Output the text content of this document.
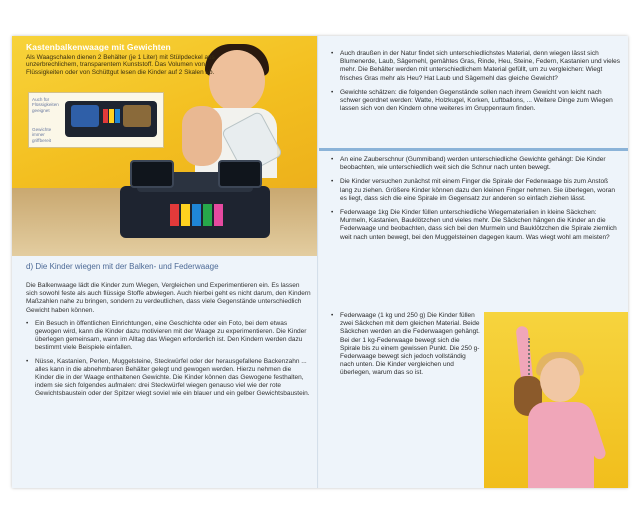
Kastenbalkenwaage mit Gewichten
Als Waagschalen dienen 2 Behälter (je 1 Liter) mit Stülpdeckel aus unzerbrechlichem, transparentem Kunststoff. Das Volumen von Flüssigkeiten oder von Schüttgut lesen die Kinder auf 2 Skalen ab.
Auch für Flüssigkeiten geeignet
Gewichte immer griffbereit
d) Die Kinder wiegen mit der Balken- und Federwaage

Die Balkenwaage lädt die Kinder zum Wiegen, Vergleichen und Experimentieren ein. Es lassen sich sowohl feste als auch flüssige Stoffe abwiegen. Auch hierbei geht es nicht darum, den Kindern Maßzahlen nahe zu bringen, sondern zu verdeutlichen, dass viele Gegenstände unterschiedlich Gewicht haben können.

• Ein Besuch in öffentlichen Einrichtungen, eine Geschichte oder ein Foto, bei dem etwas gewogen wird, kann die Kinder dazu motivieren mit der Waage zu experimentieren. Die Kinder überlegen gemeinsam, wann im Alltag das Wiegen erforderlich ist. Den Kindern werden dazu bestimmt viele Beispiele einfallen.

• Nüsse, Kastanien, Perlen, Muggelsteine, Steckwürfel oder der herausgefallene Backenzahn ... alles kann in die abnehmbaren Behälter gelegt und gewogen werden. Hierzu nehmen die Kinder die in der Waage enthaltenen Gewichte. Die Kinder können das Gewogene festhalten, indem sie sich folgendes aufmalen: drei Steckwürfel wiegen genauso viel wie der rote Gewichtsbaustein oder der Spitzer wiegt soviel wie ein blauer und ein gelber Gewichtsbaustein.

• Auch draußen in der Natur findet sich unterschiedlichstes Material, denn wiegen lässt sich Blumenerde, Laub, Sägemehl, gemähtes Gras, Rinde, Heu, Steine, Federn, Kastanien und vieles mehr. Die Behälter werden mit unterschiedlichem Material gefüllt, um zu vergleichen: Wiegt frisches Gras mehr als Heu? Hat Laub und Sägemehl das gleiche Gewicht?

• Gewichte schätzen: die folgenden Gegenstände sollen nach ihrem Gewicht von leicht nach schwer geordnet werden: Watte, Holzkugel, Korken, Luftballons, ... Weitere Dinge zum Wiegen lassen sich von den Kindern ohne weiteres im Gruppenraum finden.

• An eine Zauberschnur (Gummiband) werden unterschiedliche Gewichte gehängt: Die Kinder beobachten, wie unterschiedlich weit sich die Schnur nach unten bewegt.

• Die Kinder versuchen zunächst mit einem Finger die Spirale der Federwaage bis zum Anstoß lang zu ziehen. Größere Kinder können dazu den kleinen Finger nehmen. Sie überlegen, woran es liegt, dass sich die eine Spirale im Gegensatz zur anderen so einfach ziehen lässt.

• Federwaage 1kg Die Kinder füllen unterschiedliche Wiegematerialien in kleine Säckchen: Murmeln, Kastanien, Bauklötzchen und vieles mehr. Die Säckchen hängen die Kinder an die Federwaage und beobachten, dass sich bei den Murmeln und Bauklötzchen die Spirale ziemlich weit nach unten bewegt, bei den Muggelsteinen dagegen kaum. Was wiegt wohl am meisten?

• Federwaage (1 kg und 250 g) Die Kinder füllen zwei Säckchen mit dem gleichen Material. Beide Säckchen werden an die Federwaagen gehängt. Bei der 1 kg-Federwaage bewegt sich die Spirale bis zu einem gewissen Punkt. Die 250 g-Federwaage bewegt sich jedoch vollständig nach unten. Die Kinder vergleichen und überlegen, warum das so ist.
